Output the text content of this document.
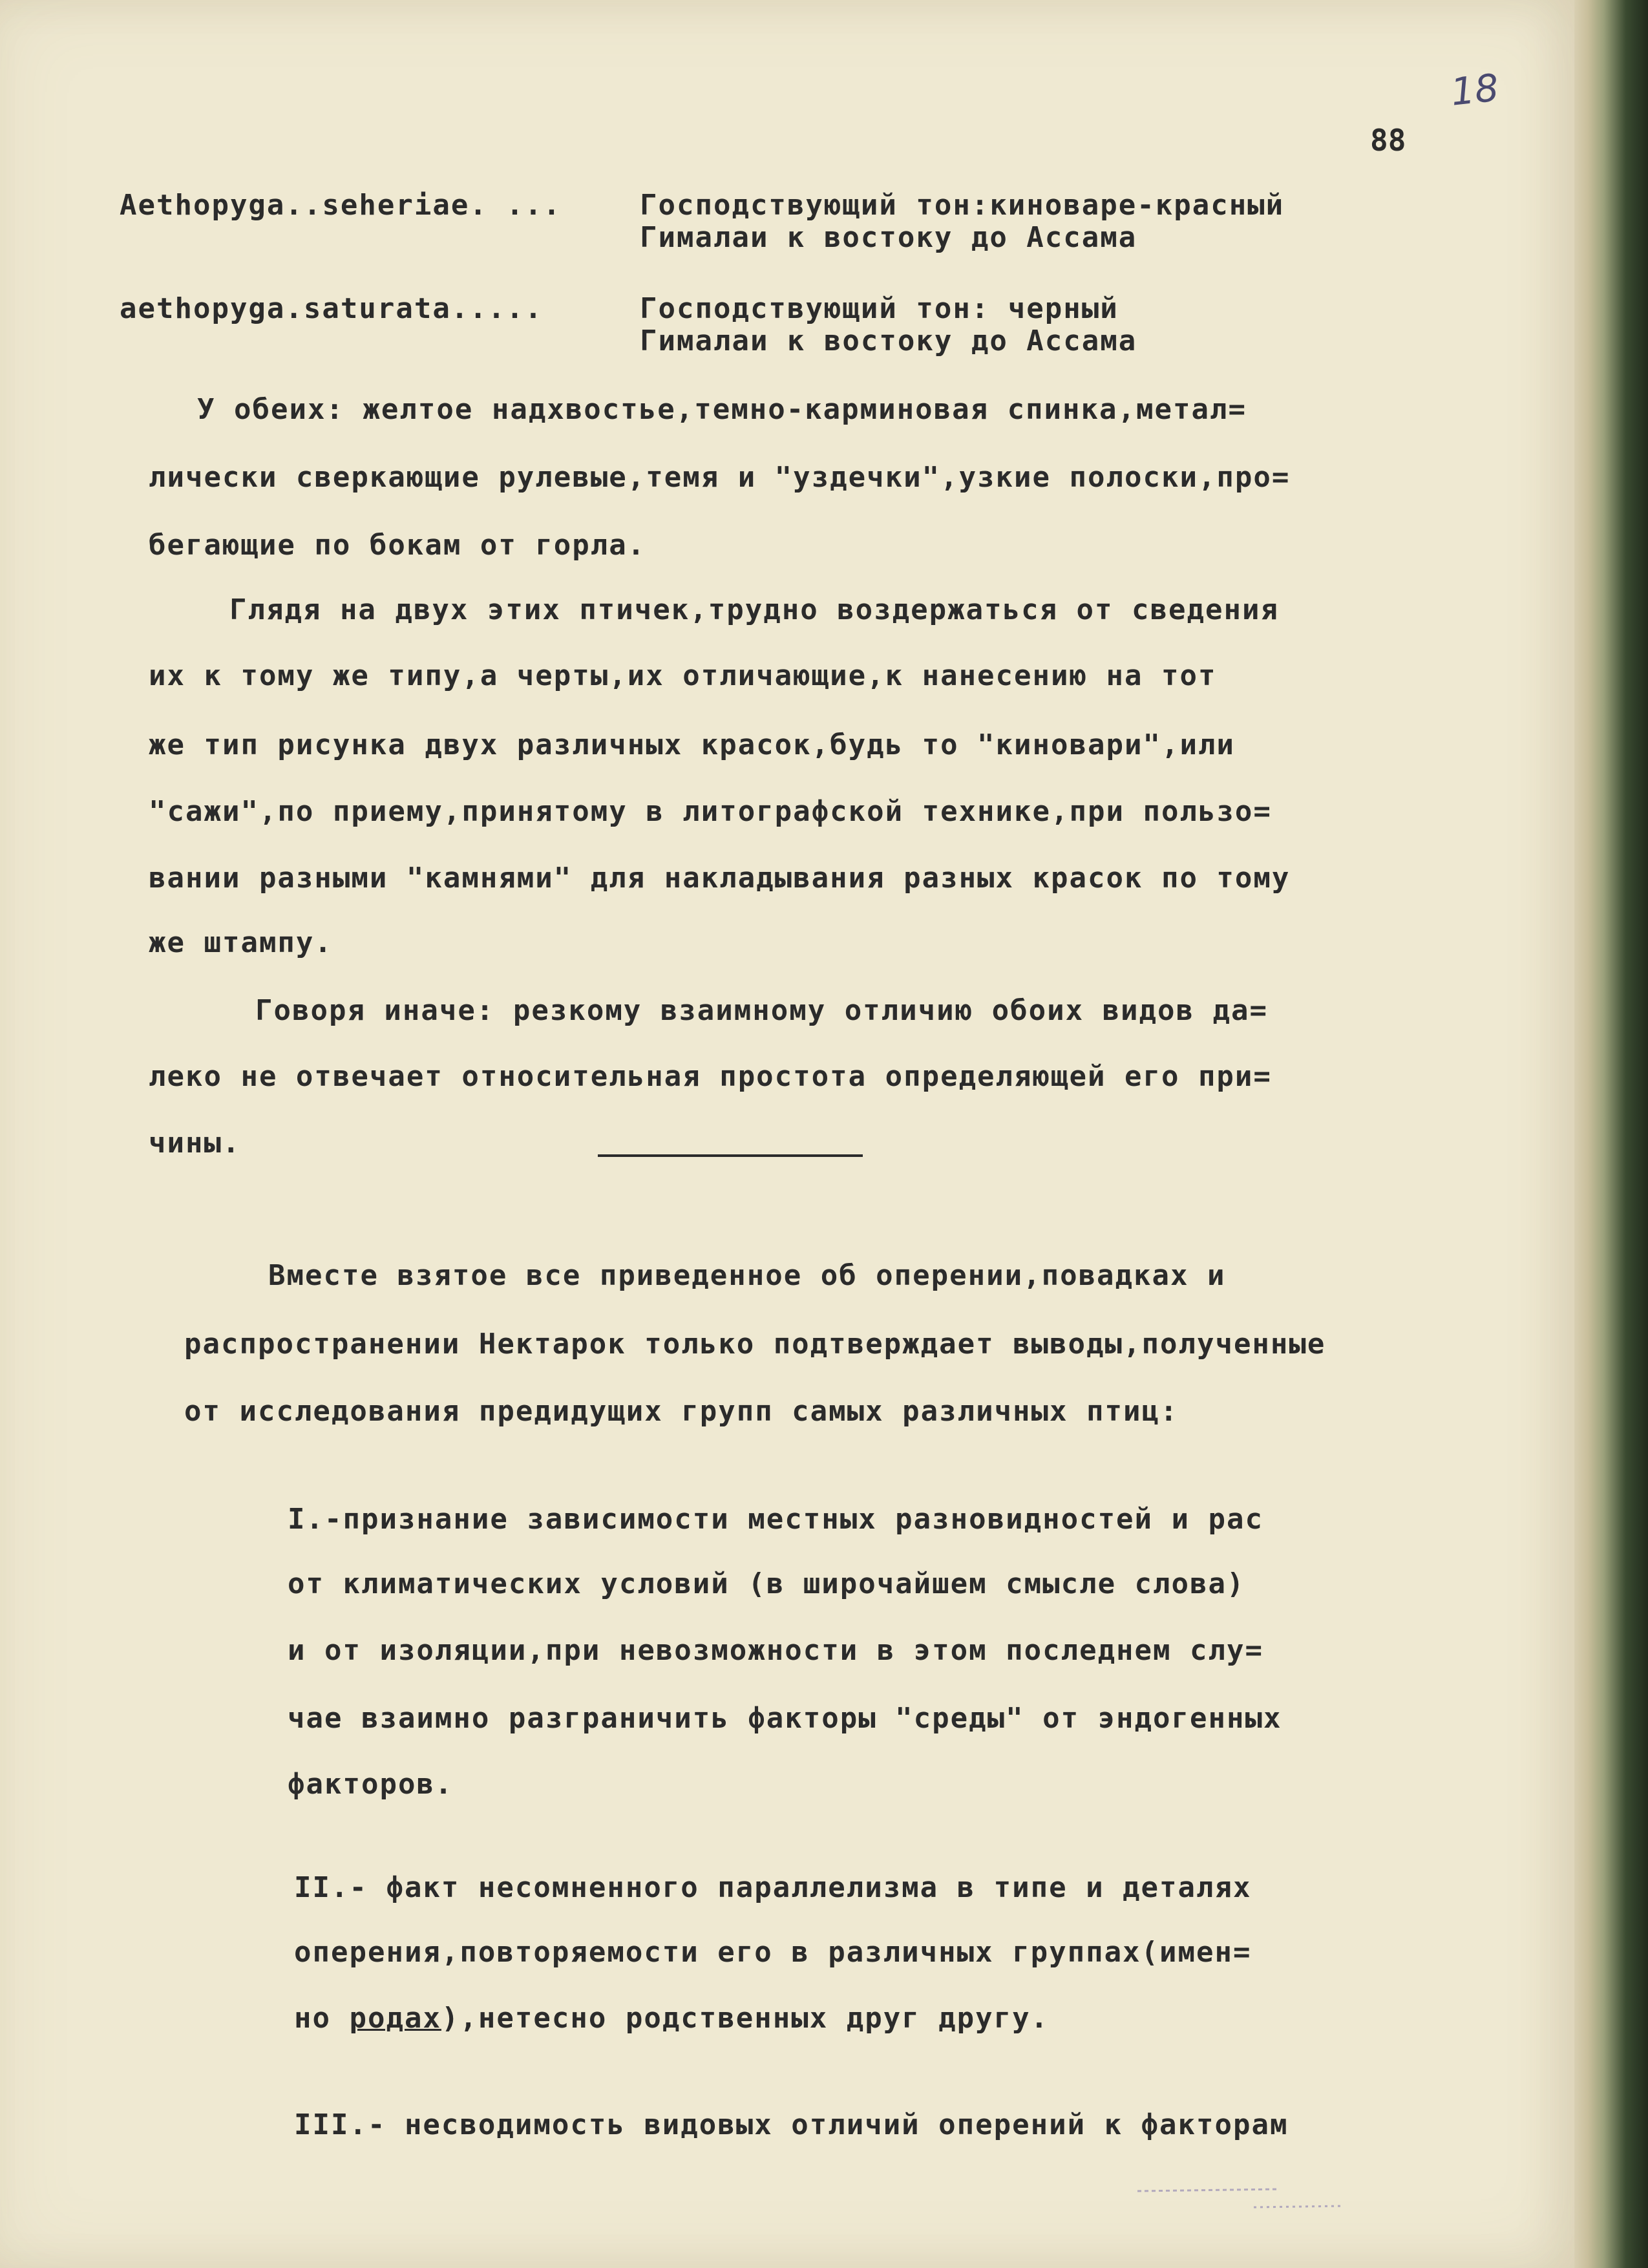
18
88
Aethopyga..seheriae. ...	Господствующий тон:киноваре-красный
Гималаи к востоку до Ассама
aethopyga.saturata.....	Господствующий тон: черный
Гималаи к востоку до Ассама
У обеих: желтое надхвостье,темно-карминовая спинка,метал=
лически сверкающие рулевые,темя и "уздечки",узкие полоски,про=
бегающие по бокам от горла.
Глядя на двух этих птичек,трудно воздержаться от сведения
их к тому же типу,а черты,их отличающие,к нанесению на тот
же тип рисунка двух различных красок,будь то "киновари",или
"сажи",по приему,принятому в литографской технике,при пользо=
вании разными "камнями" для накладывания разных красок по тому
же штампу.
Говоря иначе: резкому взаимному отличию обоих видов да=
леко не отвечает относительная простота определяющей его при=
чины.
Вместе взятое все приведенное об оперении,повадках и
распространении Нектарок только подтверждает выводы,полученные
от исследования предидущих групп самых различных птиц:
I.-признание зависимости местных разновидностей и рас
от климатических условий (в широчайшем смысле слова)
и от изоляции,при невозможности в этом последнем слу=
чае взаимно разграничить факторы "среды" от эндогенных
факторов.
II.- факт несомненного параллелизма в типе и деталях
оперения,повторяемости его в различных группах(имен=
но родах),нетесно родственных друг другу.
III.- несводимость видовых отличий оперений к факторам
